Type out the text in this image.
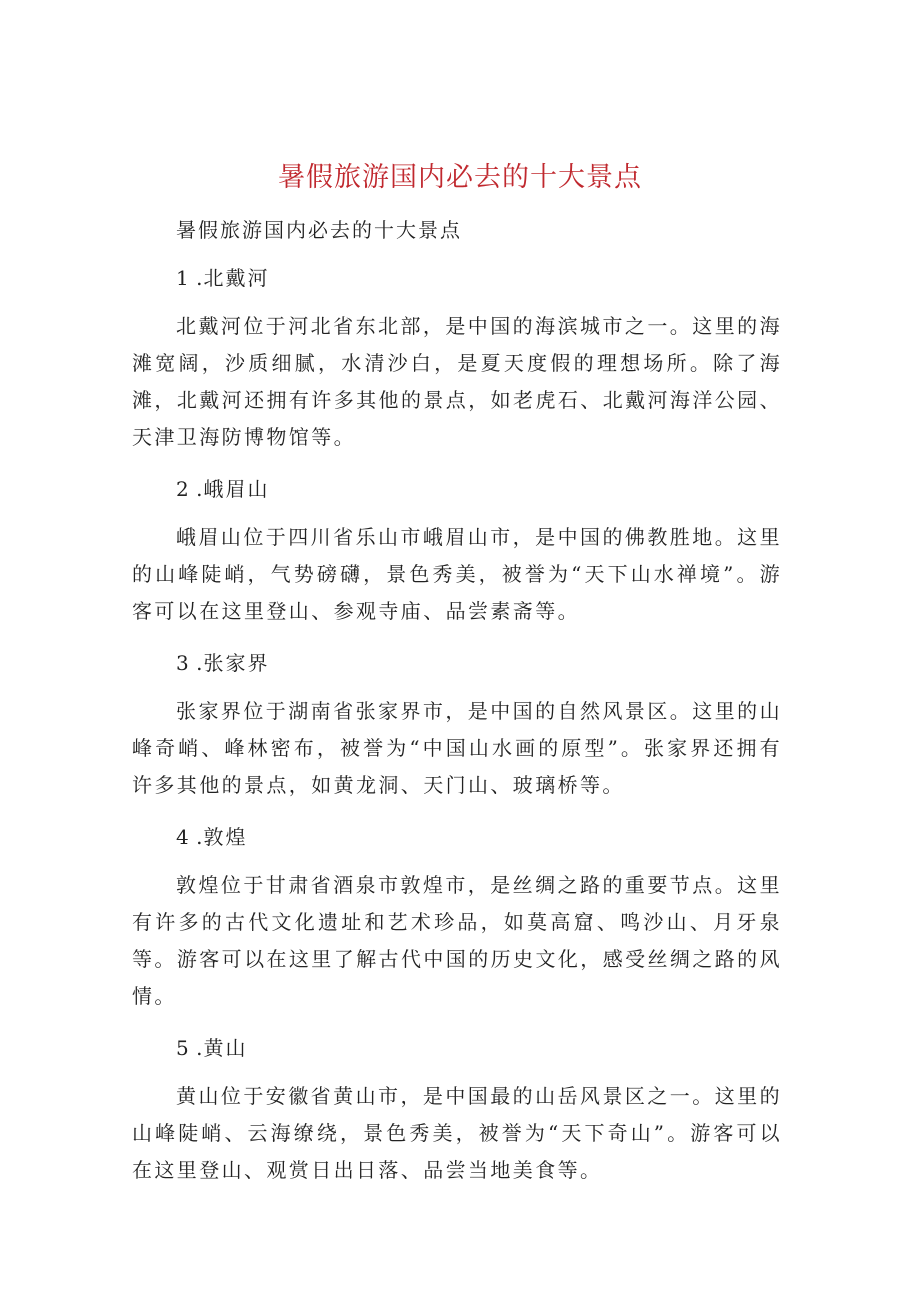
暑假旅游国内必去的十大景点
暑假旅游国内必去的十大景点
1 .北戴河

北戴河位于河北省东北部，是中国的海滨城市之一。这里的海滩宽阔，沙质细腻，水清沙白，是夏天度假的理想场所。除了海滩，北戴河还拥有许多其他的景点，如老虎石、北戴河海洋公园、天津卫海防博物馆等。

2 .峨眉山

峨眉山位于四川省乐山市峨眉山市，是中国的佛教胜地。这里的山峰陡峭，气势磅礴，景色秀美，被誉为“天下山水禅境”。游客可以在这里登山、参观寺庙、品尝素斋等。

3 .张家界

张家界位于湖南省张家界市，是中国的自然风景区。这里的山峰奇峭、峰林密布，被誉为“中国山水画的原型”。张家界还拥有许多其他的景点，如黄龙洞、天门山、玻璃桥等。

4 .敦煌

敦煌位于甘肃省酒泉市敦煌市，是丝绸之路的重要节点。这里有许多的古代文化遗址和艺术珍品，如莫高窟、鸣沙山、月牙泉等。游客可以在这里了解古代中国的历史文化，感受丝绸之路的风情。

5 .黄山

黄山位于安徽省黄山市，是中国最的山岳风景区之一。这里的山峰陡峭、云海缭绕，景色秀美，被誉为“天下奇山”。游客可以在这里登山、观赏日出日落、品尝当地美食等。
